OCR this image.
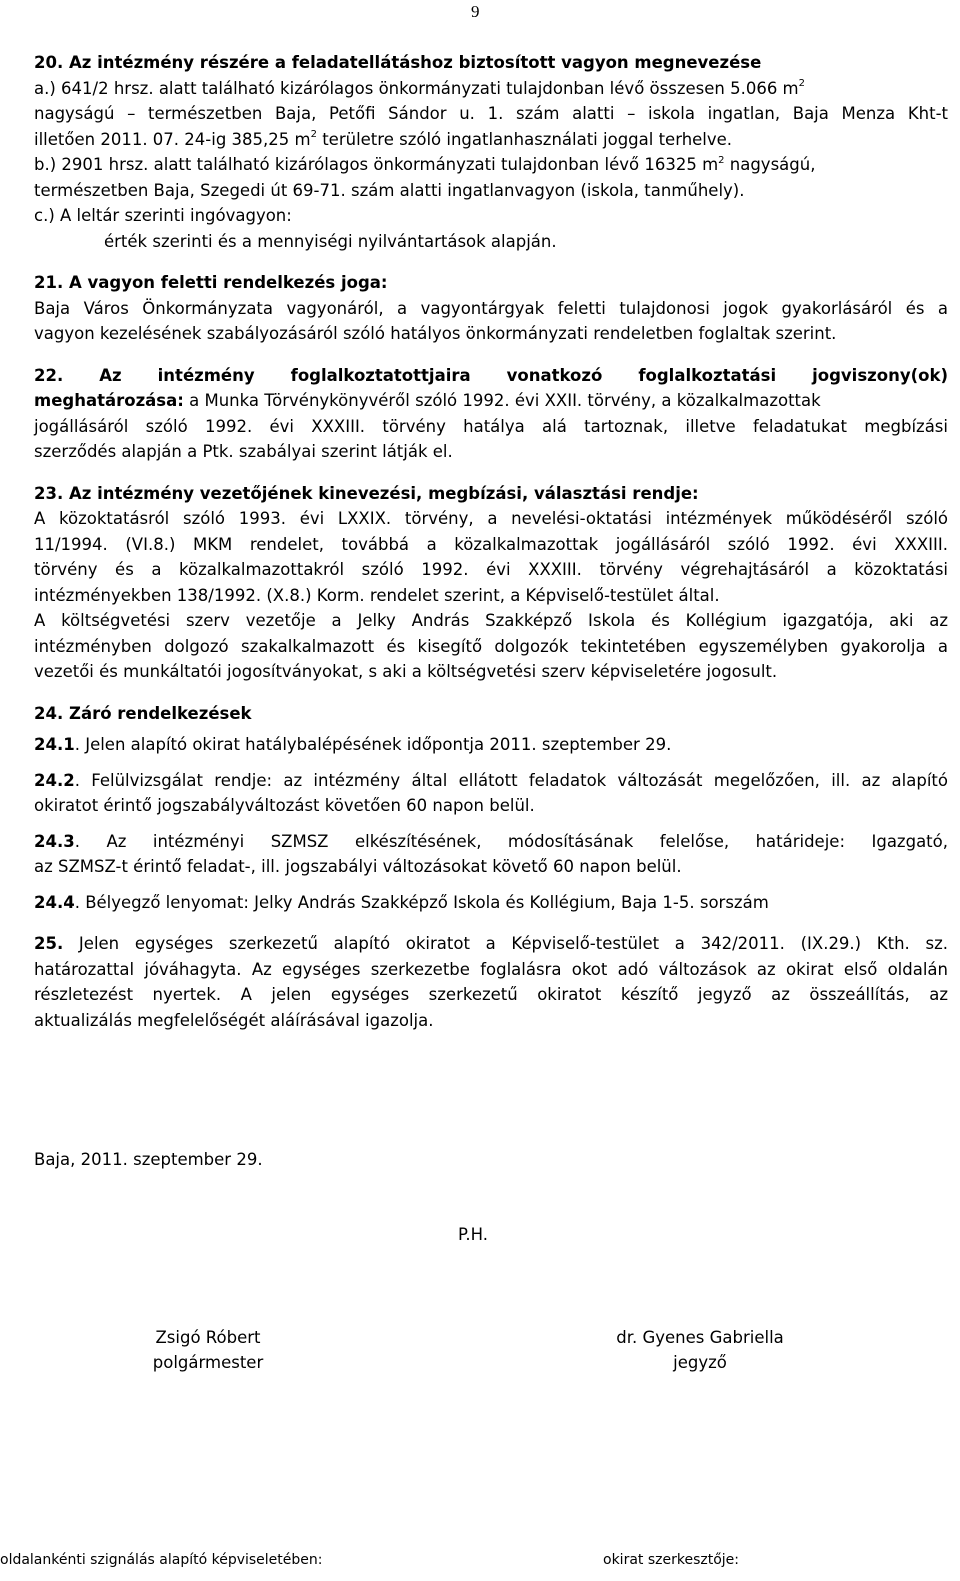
9
20. Az intézmény részére a feladatellátáshoz biztosított vagyon megnevezése
a.) 641/2 hrsz. alatt található kizárólagos önkormányzati tulajdonban lévő összesen 5.066 $m^2$
nagyságú – természetben Baja, Petőfi Sándor u. 1. szám alatti – iskola ingatlan, Baja Menza Kht-t
illetően 2011. 07. 24-ig 385,25 $m^2$ területre szóló ingatlanhasználati joggal terhelve.
b.) 2901 hrsz. alatt található kizárólagos önkormányzati tulajdonban lévő 16325 $m^2$ nagyságú,
természetben Baja, Szegedi út 69-71. szám alatti ingatlanvagyon (iskola, tanműhely).
c.) A leltár szerinti ingóvagyon:
érték szerinti és a mennyiségi nyilvántartások alapján.
21. A vagyon feletti rendelkezés joga:
Baja Város Önkormányzata vagyonáról, a vagyontárgyak feletti tulajdonosi jogok gyakorlásáról és a
vagyon kezelésének szabályozásáról szóló hatályos önkormányzati rendeletben foglaltak szerint.
22. Az intézmény foglalkoztatottjaira vonatkozó foglalkoztatási jogviszony(ok)
meghatározása: a Munka Törvénykönyvéről szóló 1992. évi XXII. törvény, a közalkalmazottak
jogállásáról szóló 1992. évi XXXIII. törvény hatálya alá tartoznak, illetve feladatukat megbízási
szerződés alapján a Ptk. szabályai szerint látják el.
23. Az intézmény vezetőjének kinevezési, megbízási, választási rendje:
A közoktatásról szóló 1993. évi LXXIX. törvény, a nevelési-oktatási intézmények működéséről szóló
11/1994. (VI.8.) MKM rendelet, továbbá a közalkalmazottak jogállásáról szóló 1992. évi XXXIII.
törvény és a közalkalmazottakról szóló 1992. évi XXXIII. törvény végrehajtásáról a közoktatási
intézményekben 138/1992. (X.8.) Korm. rendelet szerint, a Képviselő-testület által.
A költségvetési szerv vezetője a Jelky András Szakképző Iskola és Kollégium igazgatója, aki az
intézményben dolgozó szakalkalmazott és kisegítő dolgozók tekintetében egyszemélyben gyakorolja a
vezetői és munkáltatói jogosítványokat, s aki a költségvetési szerv képviseletére jogosult.
24. Záró rendelkezések
24.1. Jelen alapító okirat hatálybalépésének időpontja 2011. szeptember 29.
24.2. Felülvizsgálat rendje: az intézmény által ellátott feladatok változását megelőzően, ill. az alapító
okiratot érintő jogszabályváltozást követően 60 napon belül.
24.3. Az intézményi SZMSZ elkészítésének, módosításának felelőse, határideje: Igazgató,
az SZMSZ-t érintő feladat-, ill. jogszabályi változásokat követő 60 napon belül.
24.4. Bélyegző lenyomat: Jelky András Szakképző Iskola és Kollégium, Baja 1-5. sorszám
25. Jelen egységes szerkezetű alapító okiratot a Képviselő-testület a 342/2011. (IX.29.) Kth. sz.
határozattal jóváhagyta. Az egységes szerkezetbe foglalásra okot adó változások az okirat első oldalán
részletezést nyertek. A jelen egységes szerkezetű okiratot készítő jegyző az összeállítás, az
aktualizálás megfelelőségét aláírásával igazolja.
Baja, 2011. szeptember 29.
P.H.
Zsigó Róbert
polgármester
dr. Gyenes Gabriella
jegyző
oldalankénti szignálás alapító képviseletében:	okirat szerkesztője:
